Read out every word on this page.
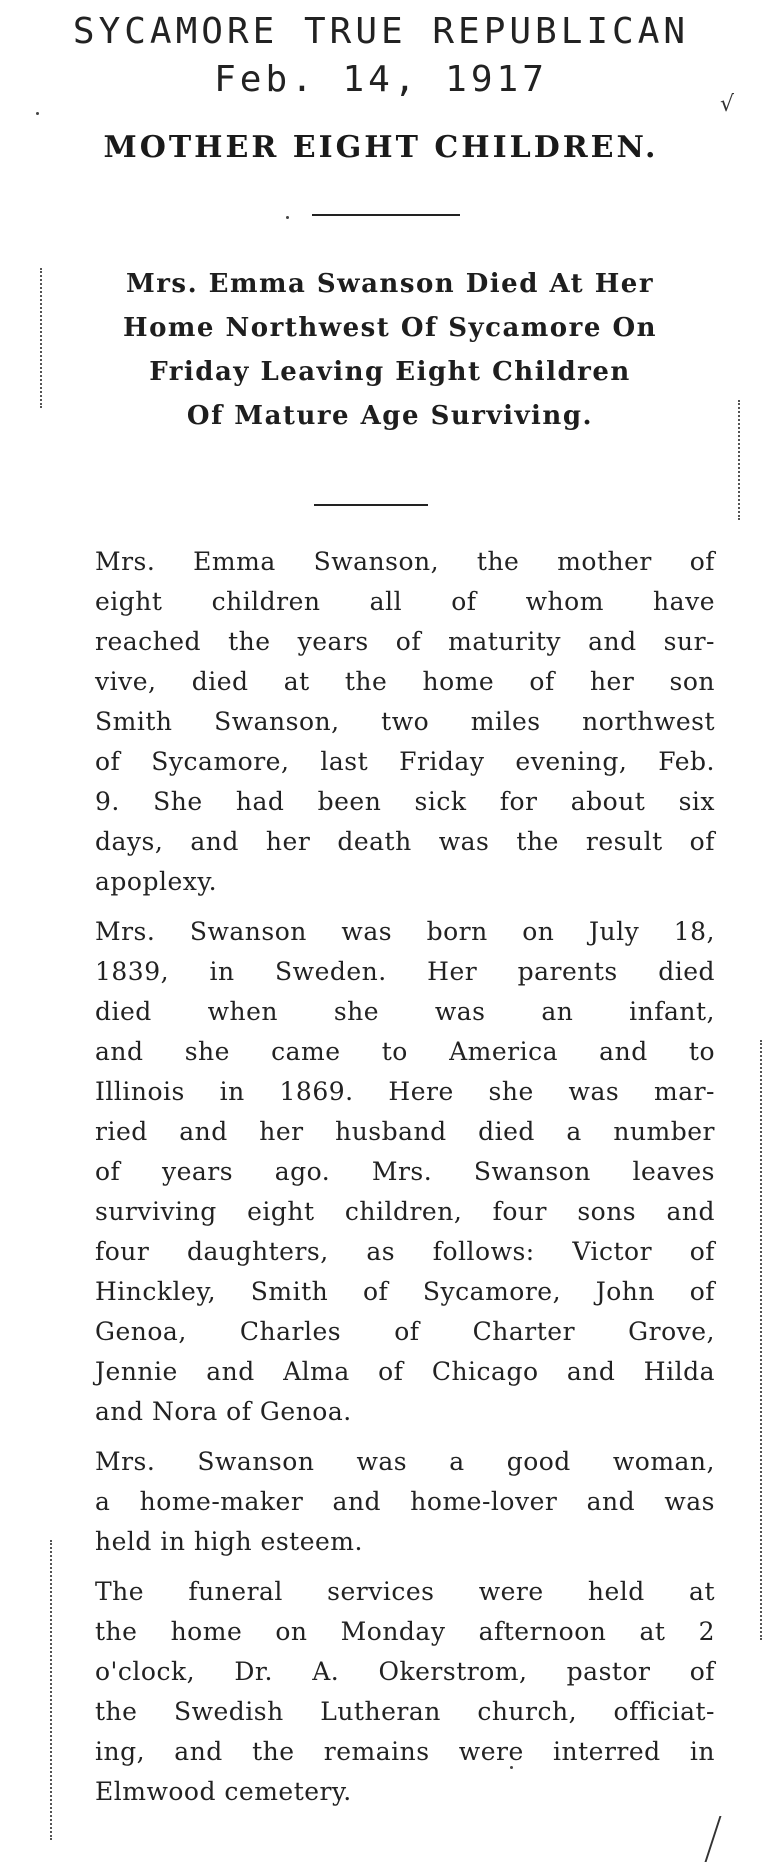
SYCAMORE TRUE REPUBLICAN
Feb. 14, 1917
MOTHER EIGHT CHILDREN.
√
Mrs. Emma Swanson Died At Her
Home Northwest Of Sycamore On
Friday Leaving Eight Children
Of Mature Age Surviving.
Mrs. Emma Swanson, the mother of
eight children all of whom have
reached the years of maturity and sur-
vive, died at the home of her son
Smith Swanson, two miles northwest
of Sycamore, last Friday evening, Feb.
9. She had been sick for about six
days, and her death was the result of
apoplexy.
Mrs. Swanson was born on July 18,
1839, in Sweden. Her parents died
died when she was an infant,
and she came to America and to
Illinois in 1869. Here she was mar-
ried and her husband died a number
of years ago. Mrs. Swanson leaves
surviving eight children, four sons and
four daughters, as follows: Victor of
Hinckley, Smith of Sycamore, John of
Genoa, Charles of Charter Grove,
Jennie and Alma of Chicago and Hilda
and Nora of Genoa.
Mrs. Swanson was a good woman,
a home-maker and home-lover and was
held in high esteem.
The funeral services were held at
the home on Monday afternoon at 2
o'clock, Dr. A. Okerstrom, pastor of
the Swedish Lutheran church, officiat-
ing, and the remains were interred in
Elmwood cemetery.
